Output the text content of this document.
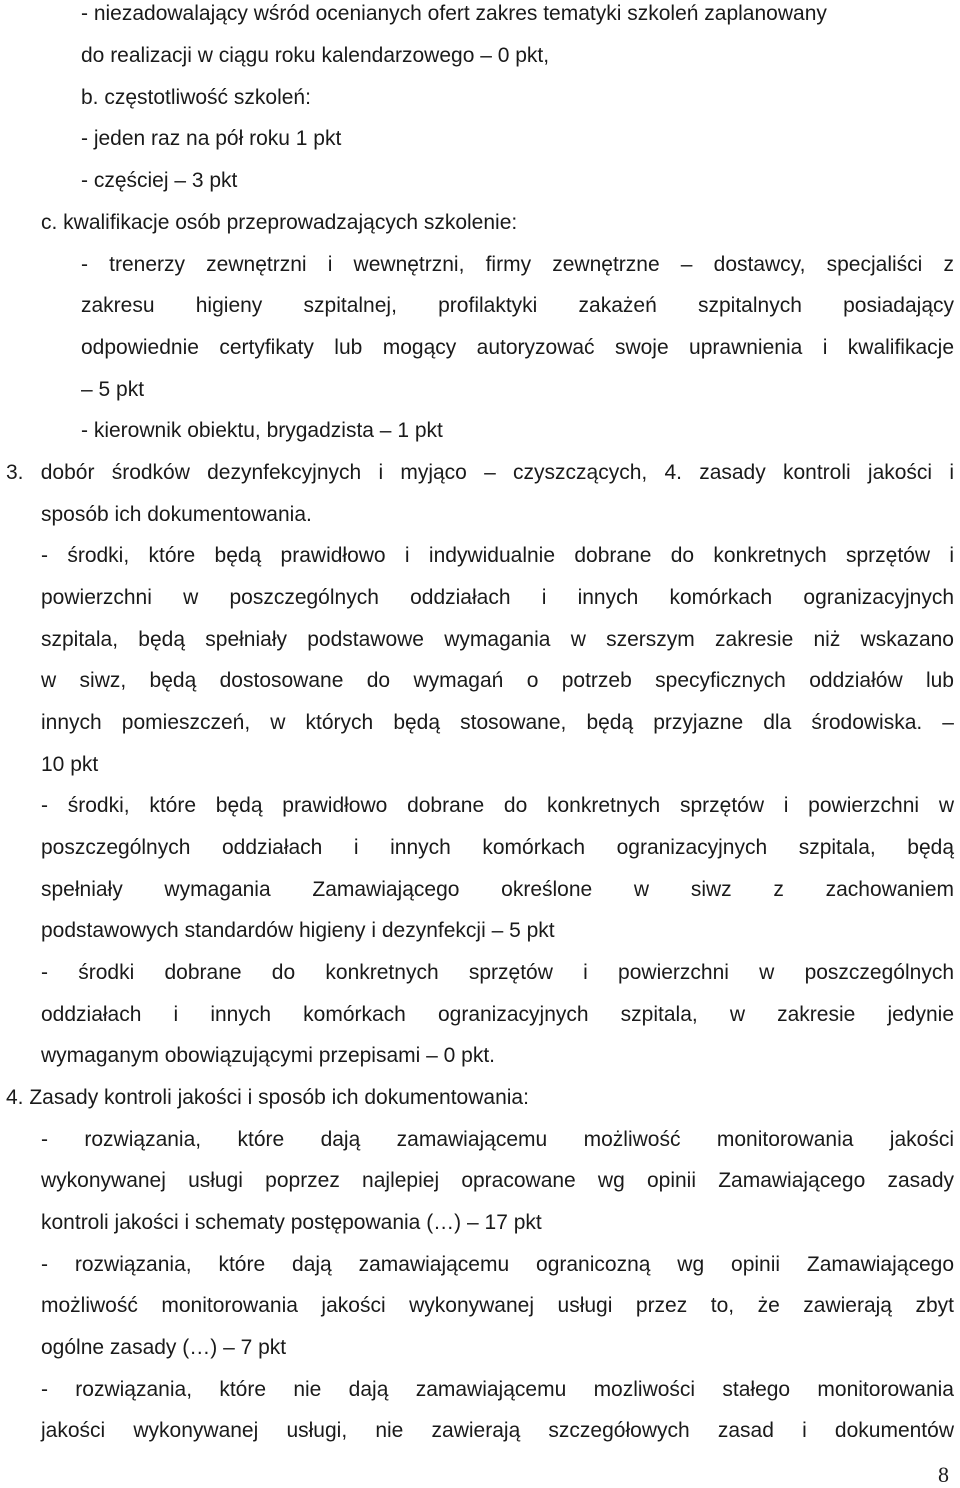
- niezadowalający wśród ocenianych ofert zakres tematyki szkoleń zaplanowany
do realizacji w ciągu roku kalendarzowego – 0 pkt,
b. częstotliwość szkoleń:
- jeden raz na pół roku 1 pkt
- częściej – 3 pkt
c. kwalifikacje osób przeprowadzających szkolenie:
- trenerzy zewnętrzni i wewnętrzni, firmy zewnętrzne – dostawcy, specjaliści z
zakresu higieny szpitalnej, profilaktyki zakażeń szpitalnych posiadający
odpowiednie certyfikaty lub mogący autoryzować swoje uprawnienia i kwalifikacje
– 5 pkt
- kierownik obiektu, brygadzista – 1 pkt
3. dobór środków dezynfekcyjnych i myjąco – czyszczących, 4. zasady kontroli jakości i
sposób ich dokumentowania.
- środki, które będą prawidłowo i indywidualnie dobrane do konkretnych sprzętów i
powierzchni w poszczególnych oddziałach i innych komórkach ogranizacyjnych
szpitala, będą spełniały podstawowe wymagania w szerszym zakresie niż wskazano
w siwz, będą dostosowane do wymagań o potrzeb specyficznych oddziałów lub
innych pomieszczeń, w których będą stosowane, będą przyjazne dla środowiska. –
10 pkt
- środki, które będą prawidłowo dobrane do konkretnych sprzętów i powierzchni w
poszczególnych oddziałach i innych komórkach ogranizacyjnych szpitala, będą
spełniały wymagania Zamawiającego określone w siwz z zachowaniem
podstawowych standardów higieny i dezynfekcji – 5 pkt
- środki dobrane do konkretnych sprzętów i powierzchni w poszczególnych
oddziałach i innych komórkach ogranizacyjnych szpitala, w zakresie jedynie
wymaganym obowiązującymi przepisami – 0 pkt.
4. Zasady kontroli jakości i sposób ich dokumentowania:
- rozwiązania, które dają zamawiającemu możliwość monitorowania jakości
wykonywanej usługi poprzez najlepiej opracowane wg opinii Zamawiającego zasady
kontroli jakości i schematy postępowania (…) – 17 pkt
- rozwiązania, które dają zamawiającemu ogranicozną wg opinii Zamawiającego
możliwość monitorowania jakości wykonywanej usługi przez to, że zawierają zbyt
ogólne zasady (…) – 7 pkt
- rozwiązania, które nie dają zamawiającemu mozliwości stałego monitorowania
jakości wykonywanej usługi, nie zawierają szczegółowych zasad i dokumentów
8
